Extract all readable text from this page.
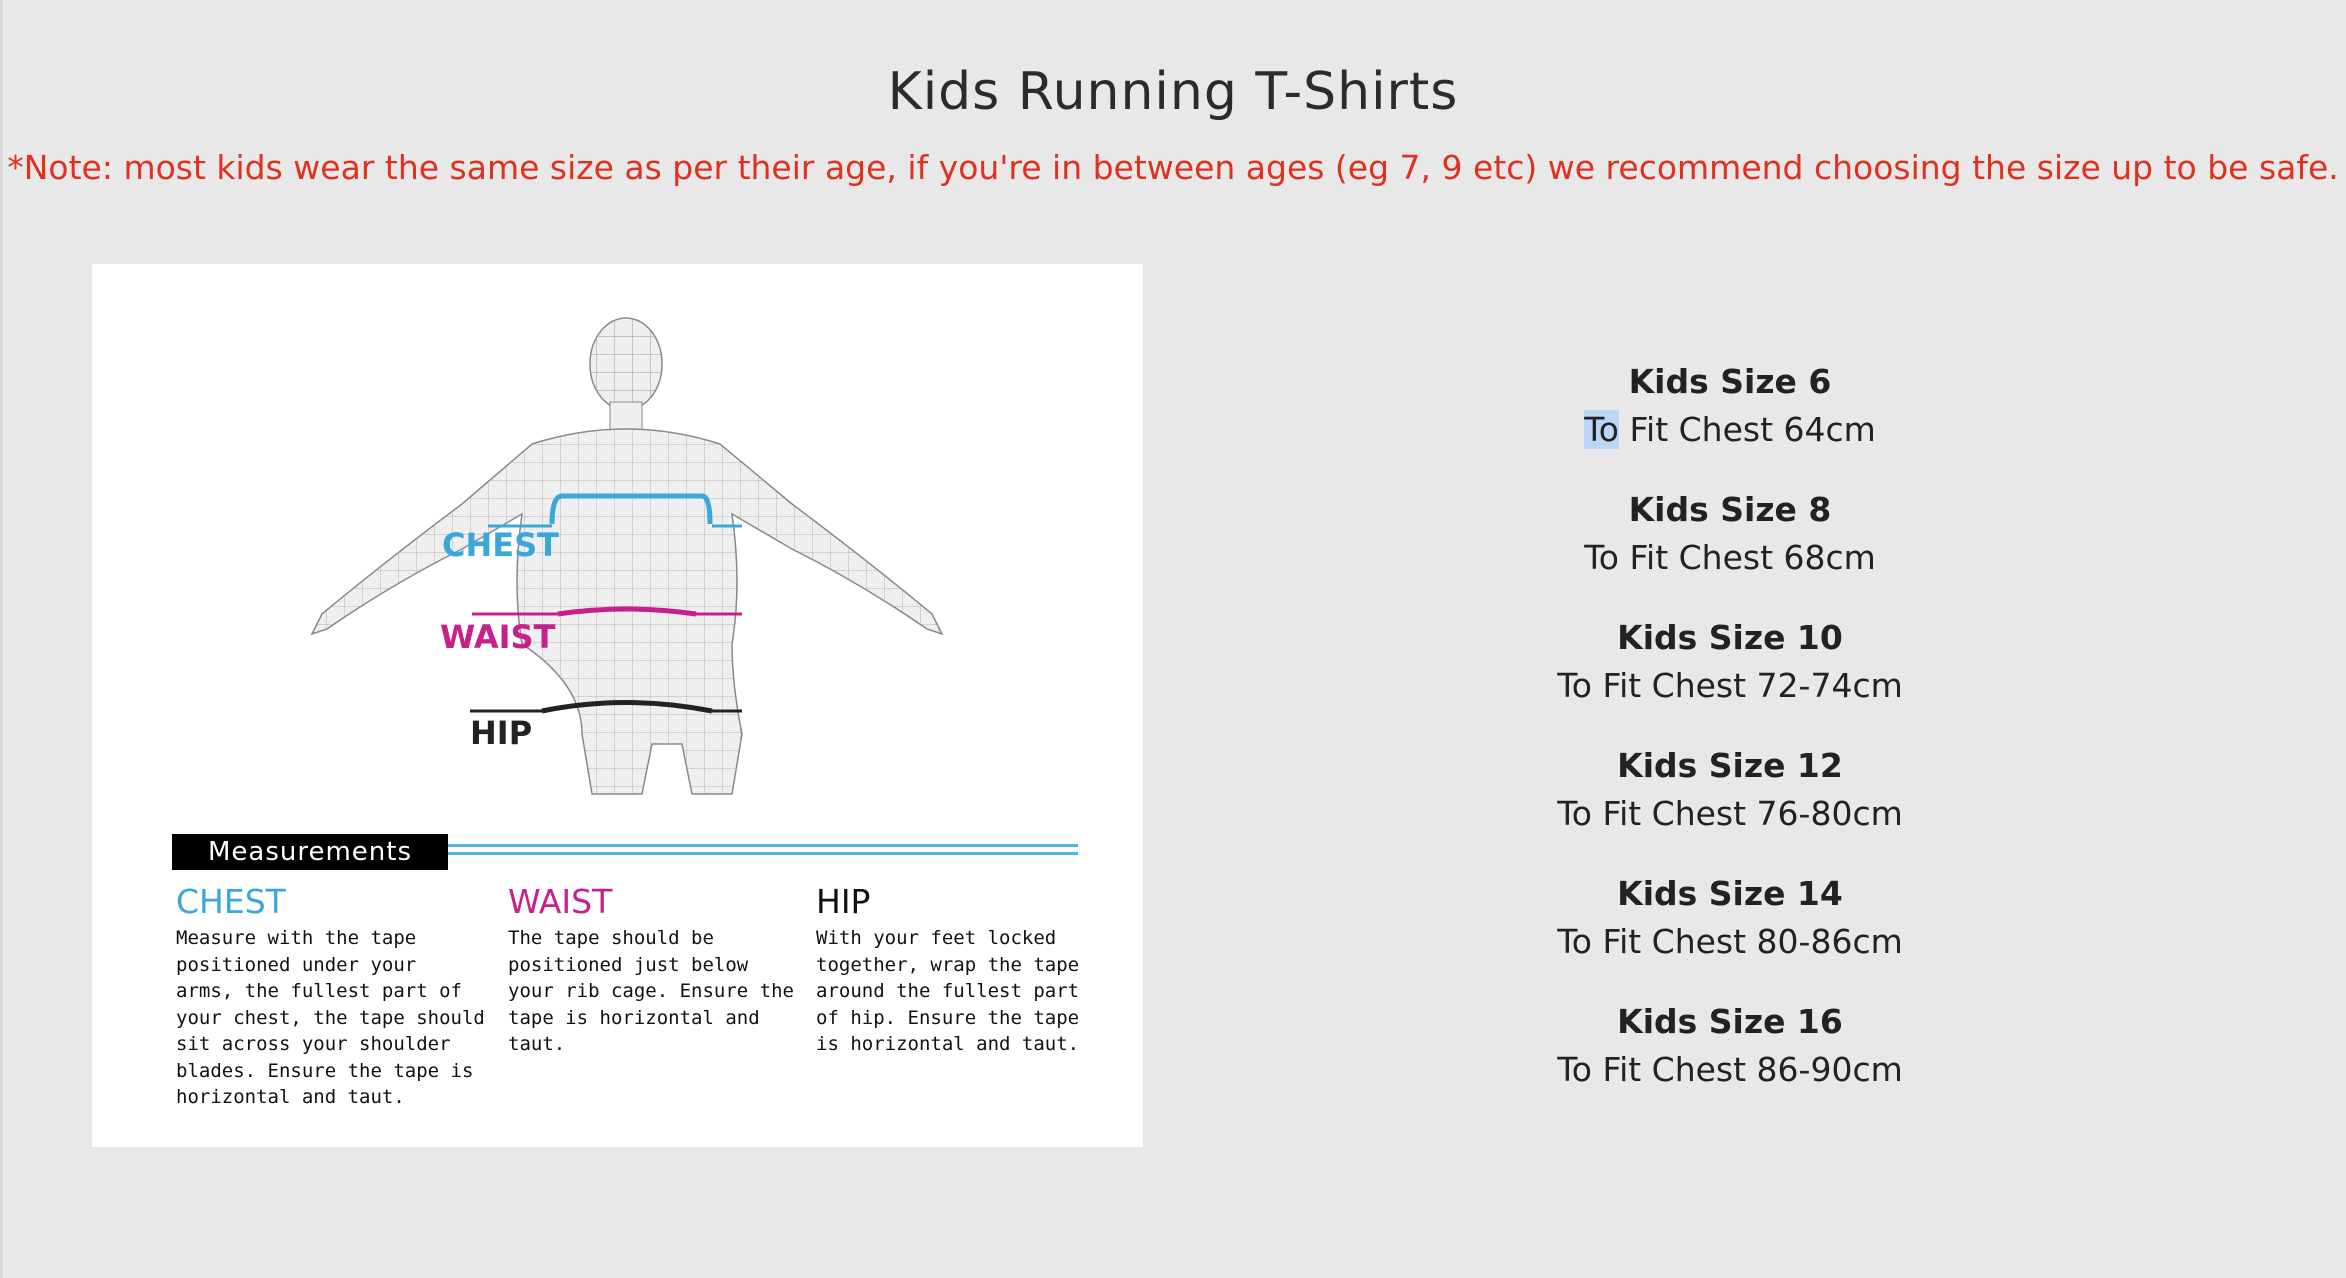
Kids Running T-Shirts
*Note: most kids wear the same size as per their age, if you're in between ages (eg 7, 9 etc) we recommend choosing the size up to be safe.
CHEST
WAIST
HIP
Measurements
CHEST

Measure with the tape
positioned under your
arms, the fullest part of
your chest, the tape should
sit across your shoulder
blades. Ensure the tape is
horizontal and taut.

WAIST

The tape should be
positioned just below
your rib cage. Ensure the
tape is horizontal and
taut.

HIP

With your feet locked
together, wrap the tape
around the fullest part
of hip. Ensure the tape
is horizontal and taut.

Kids Size 6
To Fit Chest 64cm
Kids Size 8
To Fit Chest 68cm
Kids Size 10
To Fit Chest 72-74cm
Kids Size 12
To Fit Chest 76-80cm
Kids Size 14
To Fit Chest 80-86cm
Kids Size 16
To Fit Chest 86-90cm
